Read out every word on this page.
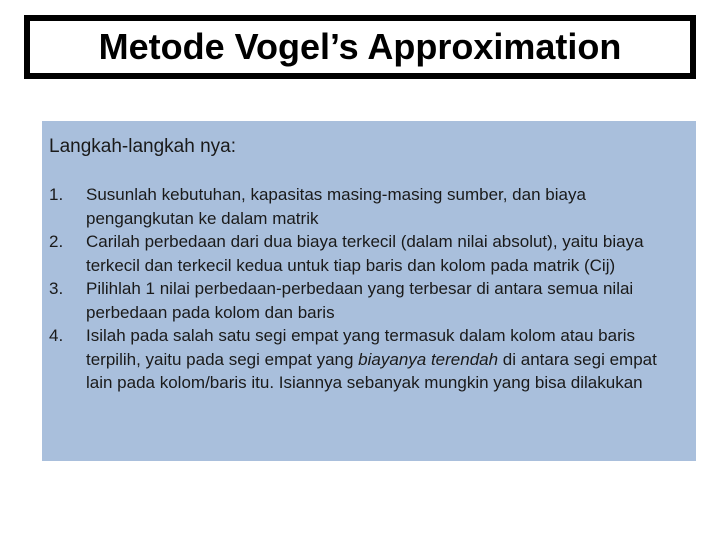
Metode Vogel’s Approximation

Langkah-langkah nya:

1. Susunlah kebutuhan, kapasitas masing-masing sumber, dan biaya pengangkutan ke dalam matrik
2. Carilah perbedaan dari dua biaya terkecil (dalam nilai absolut), yaitu biaya terkecil dan terkecil kedua untuk tiap baris dan kolom pada matrik (Cij)
3. Pilihlah 1 nilai perbedaan-perbedaan yang terbesar di antara semua nilai perbedaan pada kolom dan baris
4. Isilah pada salah satu segi empat yang termasuk dalam kolom atau baris terpilih, yaitu pada segi empat yang biayanya terendah di antara segi empat lain pada kolom/baris itu. Isiannya sebanyak mungkin yang bisa dilakukan
